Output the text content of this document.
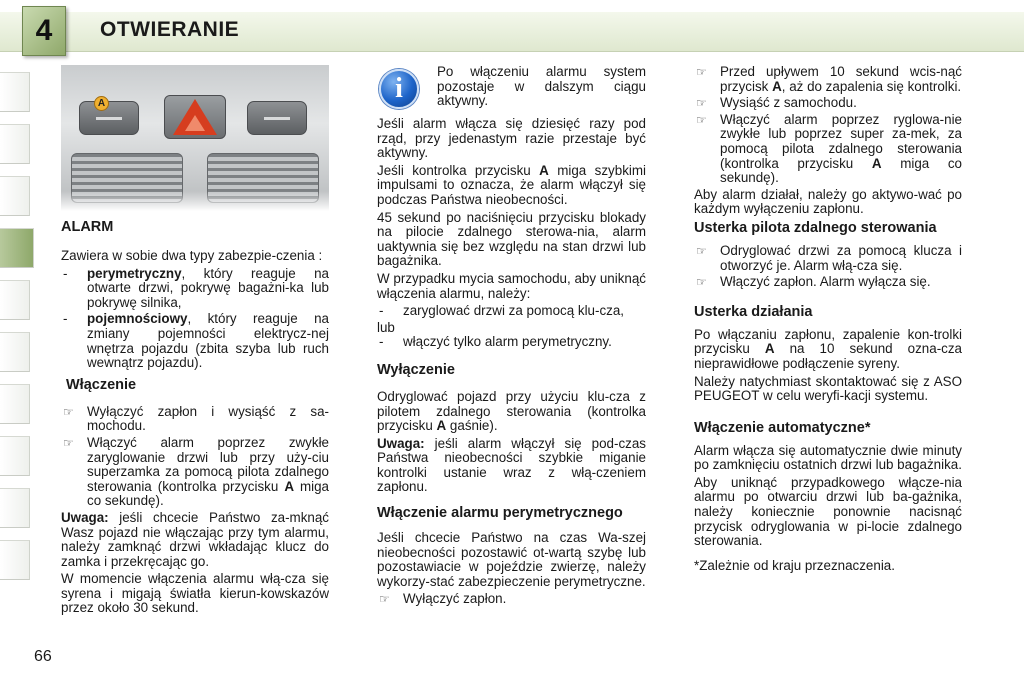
4 OTWIERANIE
A
ALARM

Zawiera w sobie dwa typy zabezpie-czenia :

- perymetryczny, który reaguje na otwarte drzwi, pokrywę bagażni-ka lub pokrywę silnika,
- pojemnościowy, który reaguje na zmiany pojemności elektrycz-nej wnętrza pojazdu (zbita szyba lub ruch wewnątrz pojazdu).
Włączenie
☞ Wyłączyć zapłon i wysiąść z sa-mochodu.
☞ Włączyć alarm poprzez zwykłe zaryglowanie drzwi lub przy uży-ciu superzamka za pomocą pilota zdalnego sterowania (kontrolka przycisku A miga co sekundę).

Uwaga: jeśli chcecie Państwo za-mknąć Wasz pojazd nie włączając przy tym alarmu, należy zamknąć drzwi wkładając klucz do zamka i przekręcając go.

W momencie włączenia alarmu włą-cza się syrena i migają światła kierun-kowskazów przez około 30 sekund.

i

Po włączeniu alarmu system pozostaje w dalszym ciągu aktywny.

Jeśli alarm włącza się dziesięć razy pod rząd, przy jedenastym razie przestaje być aktywny.

Jeśli kontrolka przycisku A miga szybkimi impulsami to oznacza, że alarm włączył się podczas Państwa nieobecności.

45 sekund po naciśnięciu przycisku blokady na pilocie zdalnego sterowa-nia, alarm uaktywnia się bez względu na stan drzwi lub bagażnika.

W przypadku mycia samochodu, aby uniknąć włączenia alarmu, należy:

- zaryglować drzwi za pomocą klu-cza,

lub

- włączyć tylko alarm perymetryczny.
Wyłączenie

Odryglować pojazd przy użyciu klu-cza z pilotem zdalnego sterowania (kontrolka przycisku A gaśnie).

Uwaga: jeśli alarm włączył się pod-czas Państwa nieobecności szybkie miganie kontrolki ustanie wraz z włą-czeniem zapłonu.

Włączenie alarmu perymetrycznego

Jeśli chcecie Państwo na czas Wa-szej nieobecności pozostawić ot-wartą szybę lub pozostawiacie w pojeździe zwierzę, należy wykorzy-stać zabezpieczenie perymetryczne.

☞ Wyłączyć zapłon.
☞ Przed upływem 10 sekund wcis-nąć przycisk A, aż do zapalenia się kontrolki.
☞ Wysiąść z samochodu.
☞ Włączyć alarm poprzez ryglowa-nie zwykłe lub poprzez super za-mek, za pomocą pilota zdalnego sterowania (kontrolka przycisku A miga co sekundę).

Aby alarm działał, należy go aktywo-wać po każdym wyłączeniu zapłonu.

Usterka pilota zdalnego sterowania
☞ Odryglować drzwi za pomocą klucza i otworzyć je. Alarm włą-cza się.
☞ Włączyć zapłon. Alarm wyłącza się.
Usterka działania

Po włączaniu zapłonu, zapalenie kon-trolki przycisku A na 10 sekund ozna-cza nieprawidłowe podłączenie syreny.

Należy natychmiast skontaktować się z ASO PEUGEOT w celu weryfi-kacji systemu.

Włączenie automatyczne*

Alarm włącza się automatycznie dwie minuty po zamknięciu ostatnich drzwi lub bagażnika.

Aby uniknąć przypadkowego włącze-nia alarmu po otwarciu drzwi lub ba-gażnika, należy koniecznie ponownie nacisnąć przycisk odryglowania w pi-locie zdalnego sterowania.

*Zależnie od kraju przeznaczenia.

66
